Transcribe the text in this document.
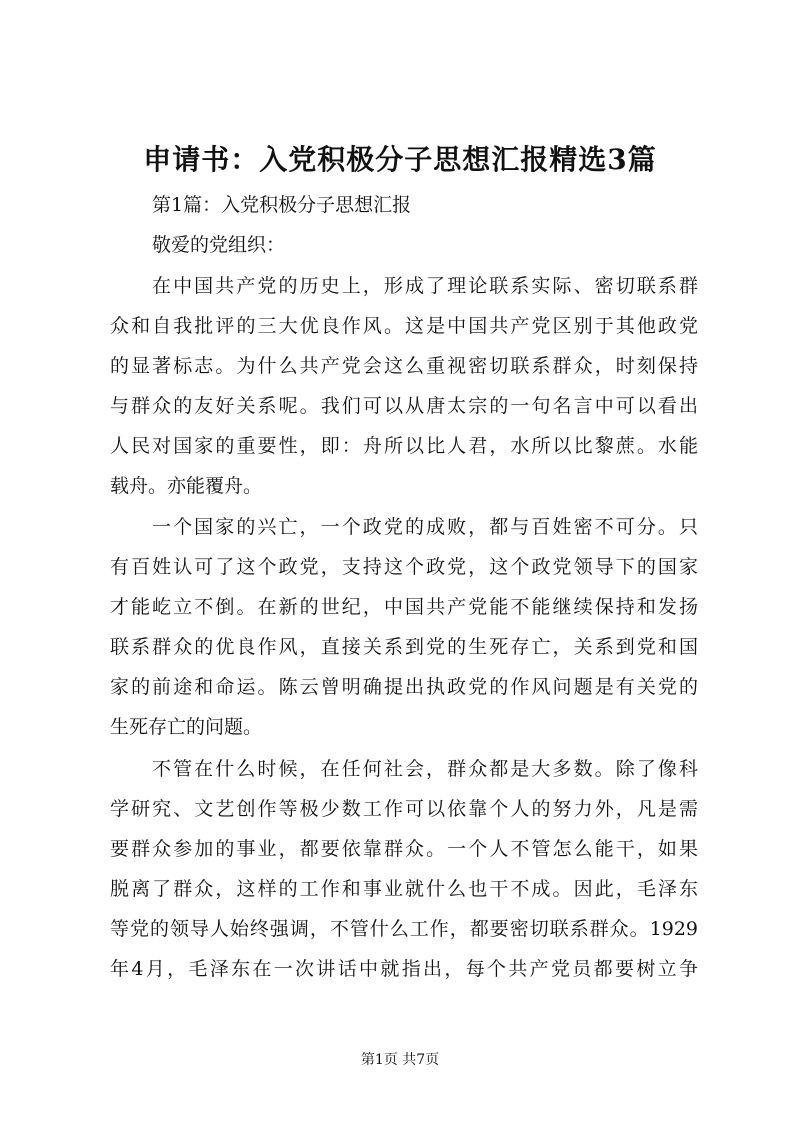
申请书：入党积极分子思想汇报精选3篇
第1篇：入党积极分子思想汇报
敬爱的党组织：
在中国共产党的历史上，形成了理论联系实际、密切联系群
众和自我批评的三大优良作风。这是中国共产党区别于其他政党
的显著标志。为什么共产党会这么重视密切联系群众，时刻保持
与群众的友好关系呢。我们可以从唐太宗的一句名言中可以看出
人民对国家的重要性，即：舟所以比人君，水所以比黎蔗。水能
载舟。亦能覆舟。
一个国家的兴亡，一个政党的成败，都与百姓密不可分。只
有百姓认可了这个政党，支持这个政党，这个政党领导下的国家
才能屹立不倒。在新的世纪，中国共产党能不能继续保持和发扬
联系群众的优良作风，直接关系到党的生死存亡，关系到党和国
家的前途和命运。陈云曾明确提出执政党的作风问题是有关党的
生死存亡的问题。
不管在什么时候，在任何社会，群众都是大多数。除了像科
学研究、文艺创作等极少数工作可以依靠个人的努力外，凡是需
要群众参加的事业，都要依靠群众。一个人不管怎么能干，如果
脱离了群众，这样的工作和事业就什么也干不成。因此，毛泽东
等党的领导人始终强调，不管什么工作，都要密切联系群众。1929
年4月，毛泽东在一次讲话中就指出，每个共产党员都要树立争
第1页 共7页
